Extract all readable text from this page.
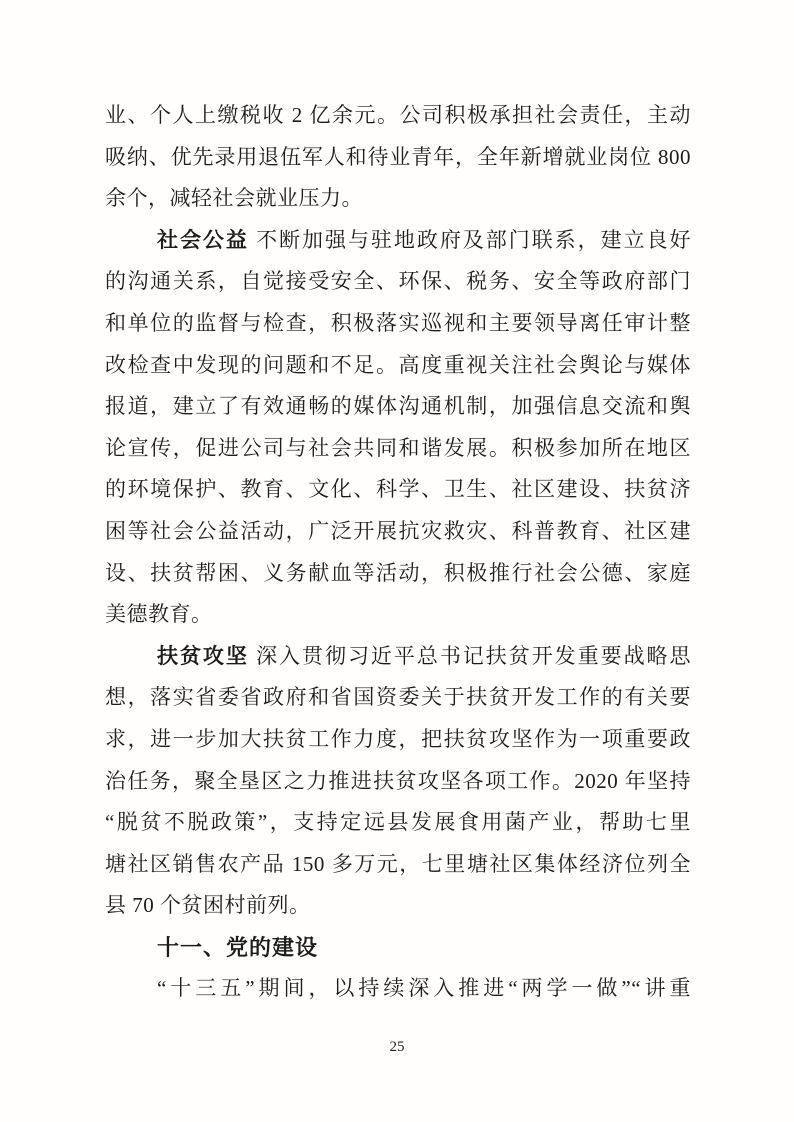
业、个人上缴税收 2 亿余元。公司积极承担社会责任，主动
吸纳、优先录用退伍军人和待业青年，全年新增就业岗位 800
余个，减轻社会就业压力。
社会公益 不断加强与驻地政府及部门联系，建立良好
的沟通关系，自觉接受安全、环保、税务、安全等政府部门
和单位的监督与检查，积极落实巡视和主要领导离任审计整
改检查中发现的问题和不足。高度重视关注社会舆论与媒体
报道，建立了有效通畅的媒体沟通机制，加强信息交流和舆
论宣传，促进公司与社会共同和谐发展。积极参加所在地区
的环境保护、教育、文化、科学、卫生、社区建设、扶贫济
困等社会公益活动，广泛开展抗灾救灾、科普教育、社区建
设、扶贫帮困、义务献血等活动，积极推行社会公德、家庭
美德教育。
扶贫攻坚 深入贯彻习近平总书记扶贫开发重要战略思
想，落实省委省政府和省国资委关于扶贫开发工作的有关要
求，进一步加大扶贫工作力度，把扶贫攻坚作为一项重要政
治任务，聚全垦区之力推进扶贫攻坚各项工作。2020 年坚持
“脱贫不脱政策”，支持定远县发展食用菌产业，帮助七里
塘社区销售农产品 150 多万元，七里塘社区集体经济位列全
县 70 个贫困村前列。
十一、党的建设
“十三五”期间，以持续深入推进“两学一做”“讲重
25
